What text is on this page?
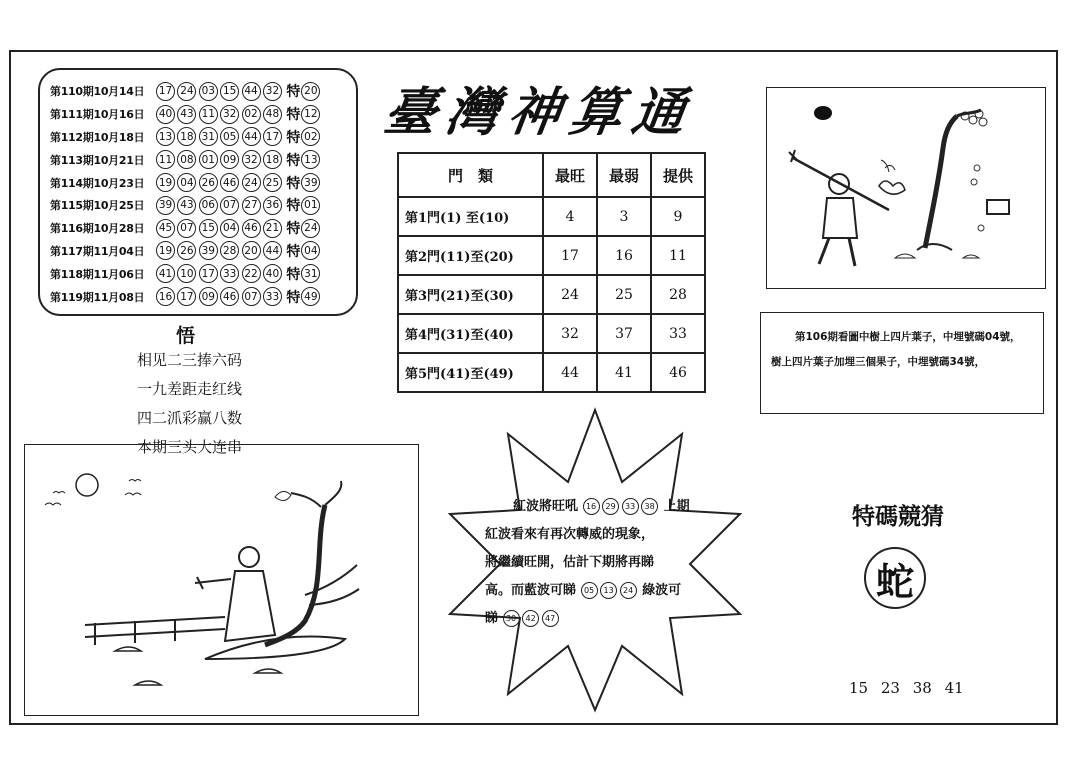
第110期10月14日	17 24 03 15 44 32 特 20
第111期10月16日	40 43 11 32 02 48 特 12
第112期10月18日	13 18 31 05 44 17 特 02
第113期10月21日	11 08 01 09 32 18 特 13
第114期10月23日	19 04 26 46 24 25 特 39
第115期10月25日	39 43 06 07 27 36 特 01
第116期10月28日	45 07 15 04 46 21 特 24
第117期11月04日	19 26 39 28 20 44 特 04
第118期11月06日	41 10 17 33 22 40 特 31
第119期11月08日	16 17 09 46 07 33 特 49
悟
相见二三捧六码
一九差距走红线
四二沠彩赢八数
本期三头大连串
臺灣神算通
門　類	最旺	最弱	提供
第1門(1) 至(10)	4	3	9
第2門(11)至(20)	17	16	11
第3門(21)至(30)	24	25	28
第4門(31)至(40)	32	37	33
第5門(41)至(49)	44	41	46
第106期看圖中樹上四片葉子，中埋號碼04號，
樹上四片葉子加埋三個果子，中埋號碼34號，
紅波將旺吼 16 29 33 38 上期
紅波看來有再次轉威的現象，
將繼續旺開，估計下期將再睇
高。而藍波可睇 05 13 24 綠波可
睇 30 42 47
特碼競猜
蛇
15 23 38 41
